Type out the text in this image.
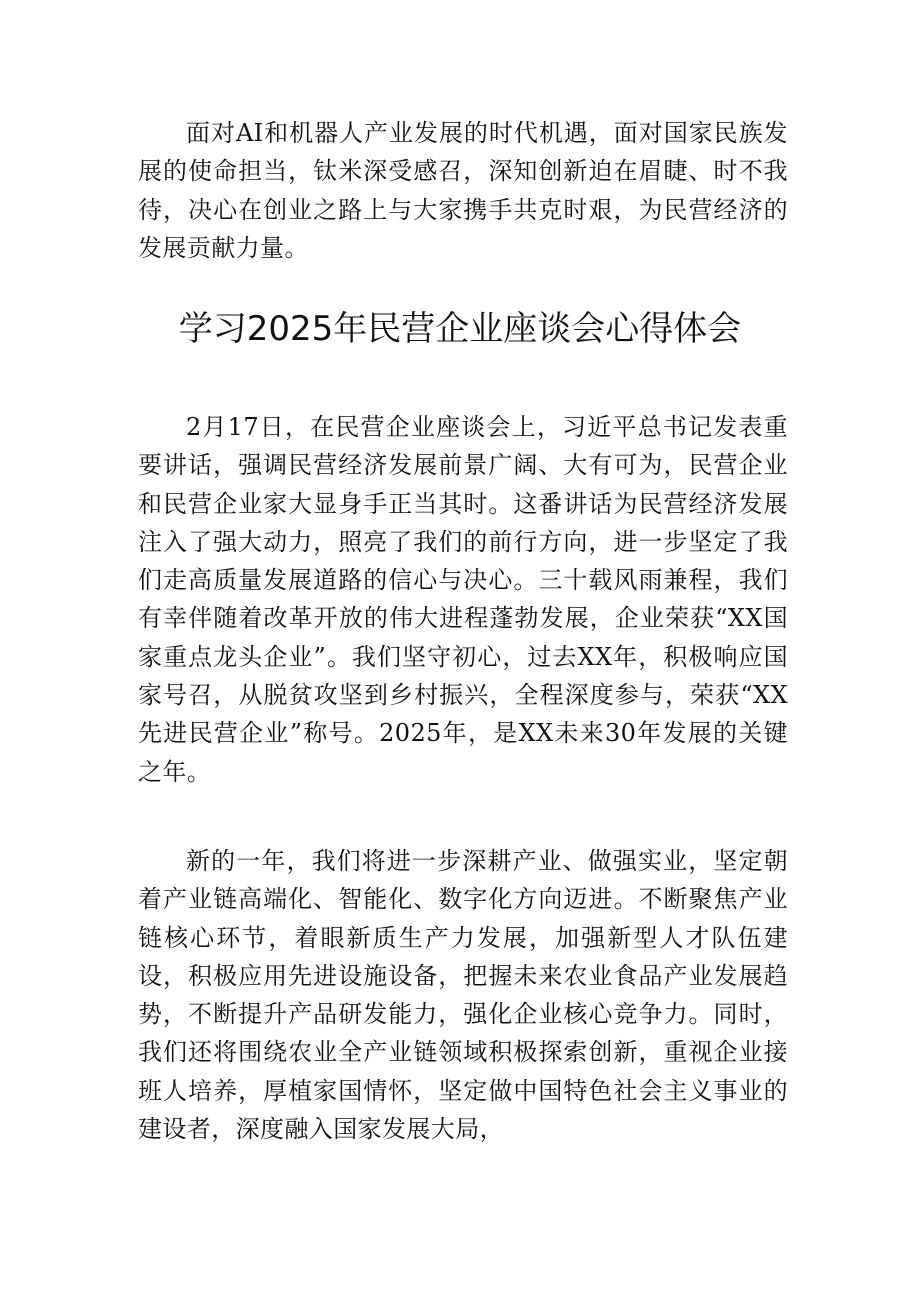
面对AI和机器人产业发展的时代机遇，面对国家民族发展的使命担当，钛米深受感召，深知创新迫在眉睫、时不我待，决心在创业之路上与大家携手共克时艰，为民营经济的发展贡献力量。

学习2025年民营企业座谈会心得体会

2月17日，在民营企业座谈会上，习近平总书记发表重要讲话，强调民营经济发展前景广阔、大有可为，民营企业和民营企业家大显身手正当其时。这番讲话为民营经济发展注入了强大动力，照亮了我们的前行方向，进一步坚定了我们走高质量发展道路的信心与决心。三十载风雨兼程，我们有幸伴随着改革开放的伟大进程蓬勃发展，企业荣获“XX国家重点龙头企业”。我们坚守初心，过去XX年，积极响应国家号召，从脱贫攻坚到乡村振兴，全程深度参与，荣获“XX先进民营企业”称号。2025年，是XX未来30年发展的关键之年。

新的一年，我们将进一步深耕产业、做强实业，坚定朝着产业链高端化、智能化、数字化方向迈进。不断聚焦产业链核心环节，着眼新质生产力发展，加强新型人才队伍建设，积极应用先进设施设备，把握未来农业食品产业发展趋势，不断提升产品研发能力，强化企业核心竞争力。同时，我们还将围绕农业全产业链领域积极探索创新，重视企业接班人培养，厚植家国情怀，坚定做中国特色社会主义事业的建设者，深度融入国家发展大局，
